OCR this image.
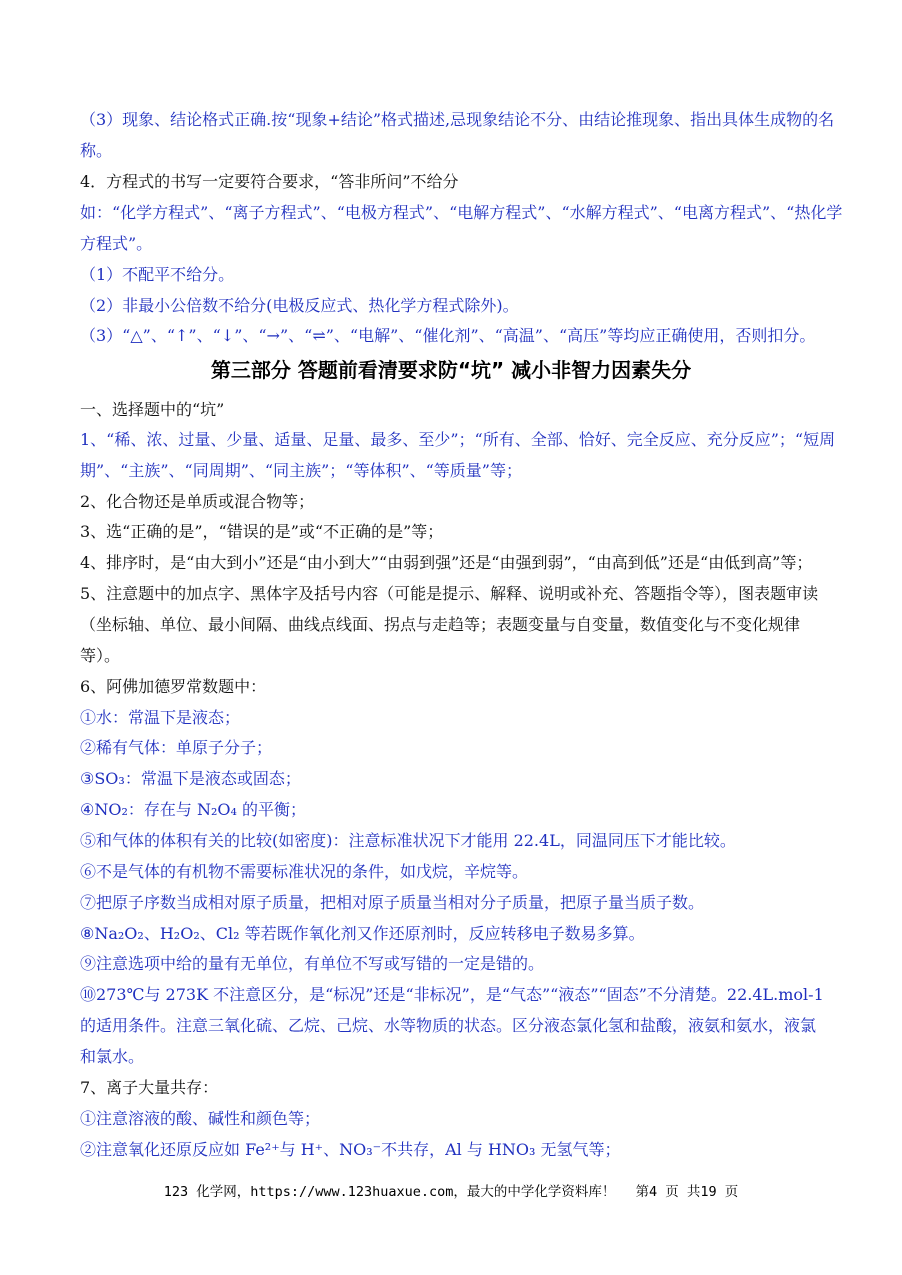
（3）现象、结论格式正确.按“现象+结论”格式描述,忌现象结论不分、由结论推现象、指出具体生成物的名
称。
4．方程式的书写一定要符合要求，“答非所问”不给分
如：“化学方程式”、“离子方程式”、“电极方程式”、“电解方程式”、“水解方程式”、“电离方程式”、“热化学
方程式”。
（1）不配平不给分。
（2）非最小公倍数不给分(电极反应式、热化学方程式除外)。
（3）“△”、“↑”、“↓”、“→”、“⇌”、“电解”、“催化剂”、“高温”、“高压”等均应正确使用，否则扣分。
第三部分 答题前看清要求防“坑” 减小非智力因素失分
一、选择题中的“坑”
1、“稀、浓、过量、少量、适量、足量、最多、至少”；“所有、全部、恰好、完全反应、充分反应”；“短周
期”、“主族”、“同周期”、“同主族”；“等体积”、“等质量”等；
2、化合物还是单质或混合物等；
3、选“正确的是”，“错误的是”或“不正确的是”等；
4、排序时，是“由大到小”还是“由小到大”“由弱到强”还是“由强到弱”，“由高到低”还是“由低到高”等；
5、注意题中的加点字、黑体字及括号内容（可能是提示、解释、说明或补充、答题指令等），图表题审读
（坐标轴、单位、最小间隔、曲线点线面、拐点与走趋等；表题变量与自变量，数值变化与不变化规律
等）。
6、阿佛加德罗常数题中：
①水：常温下是液态；
②稀有气体：单原子分子；
③SO₃：常温下是液态或固态；
④NO₂：存在与 N₂O₄ 的平衡；
⑤和气体的体积有关的比较(如密度)：注意标准状况下才能用 22.4L，同温同压下才能比较。
⑥不是气体的有机物不需要标准状况的条件，如戊烷，辛烷等。
⑦把原子序数当成相对原子质量，把相对原子质量当相对分子质量，把原子量当质子数。
⑧Na₂O₂、H₂O₂、Cl₂ 等若既作氧化剂又作还原剂时，反应转移电子数易多算。
⑨注意选项中给的量有无单位，有单位不写或写错的一定是错的。
⑩273℃与 273K 不注意区分，是“标况”还是“非标况”，是“气态”“液态”“固态”不分清楚。22.4L.mol-1
的适用条件。注意三氧化硫、乙烷、己烷、水等物质的状态。区分液态氯化氢和盐酸，液氨和氨水，液氯
和氯水。
7、离子大量共存：
①注意溶液的酸、碱性和颜色等；
②注意氧化还原反应如 Fe²⁺与 H⁺、NO₃⁻不共存，Al 与 HNO₃ 无氢气等；
123 化学网，https://www.123huaxue.com，最大的中学化学资料库！ 第4 页 共19 页
